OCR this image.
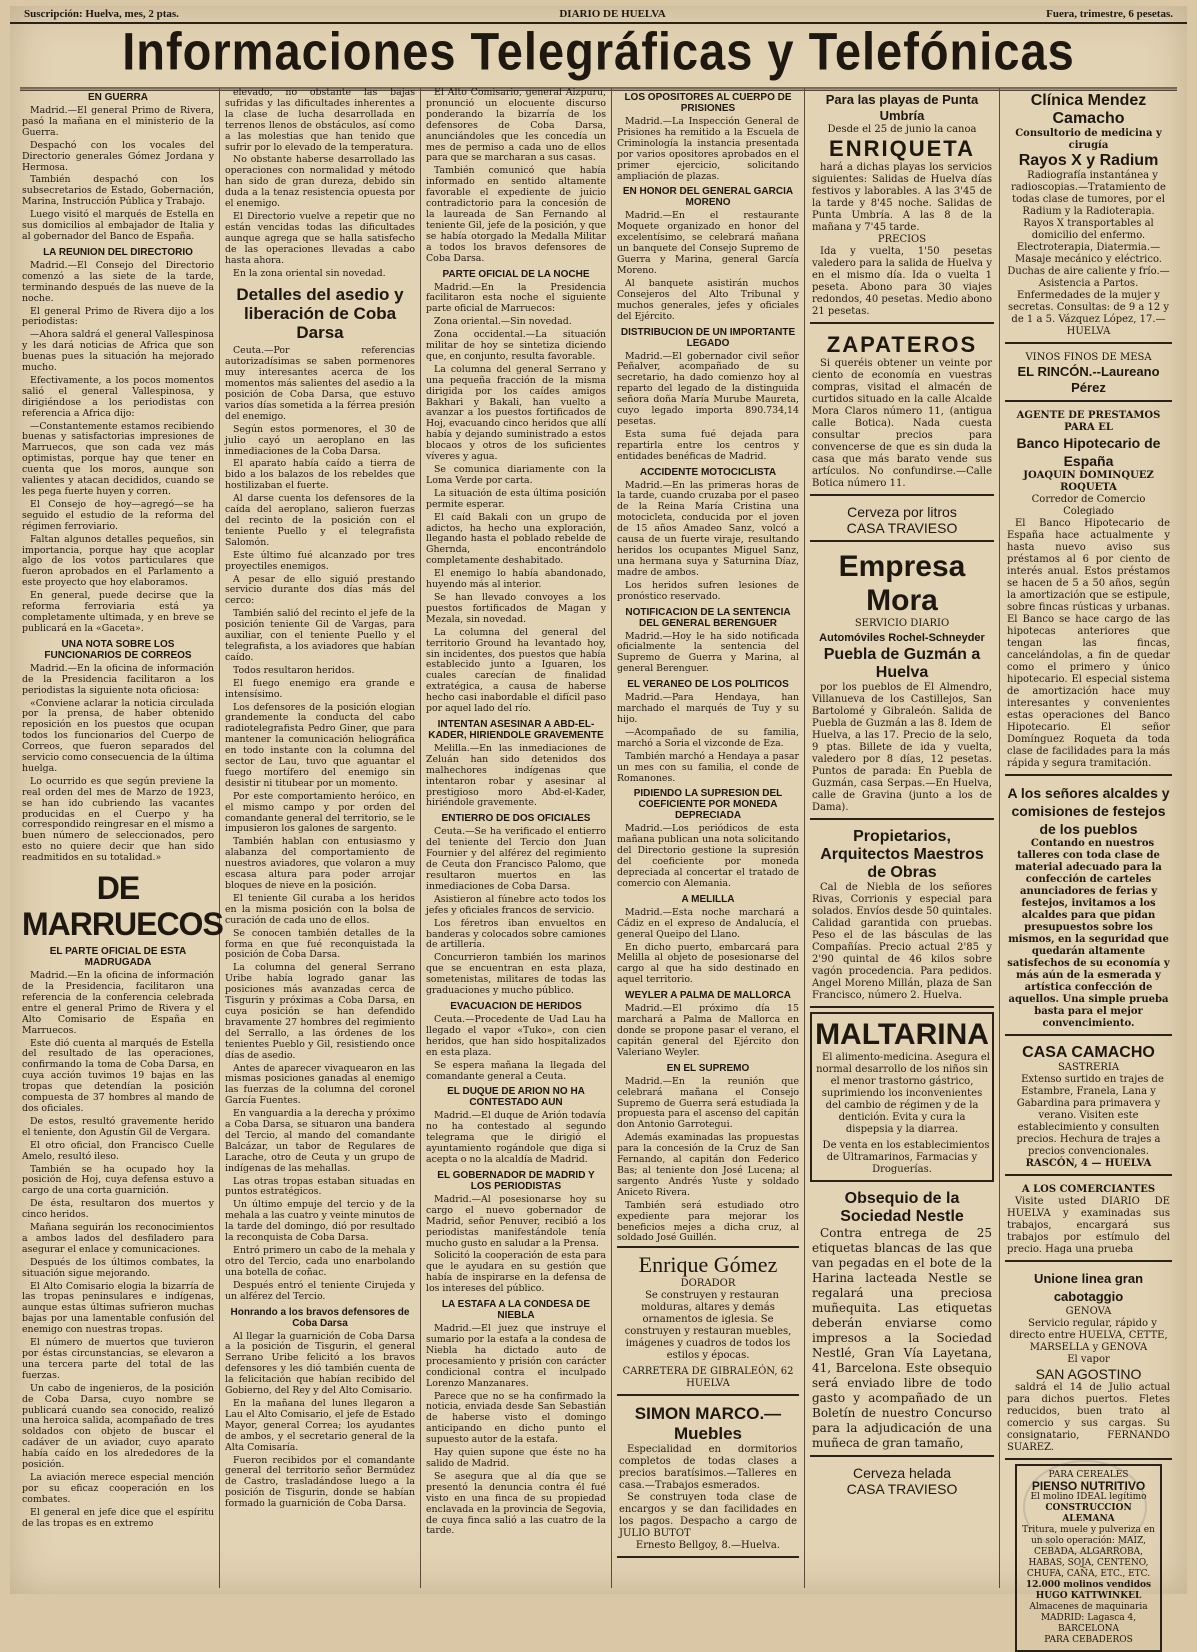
Suscripción: Huelva, mes, 2 ptas.	DIARIO DE HUELVA	Fuera, trimestre, 6 pesetas.
Informaciones Telegráficas y Telefónicas
EN GUERRA

Madrid.—El general Primo de Rivera, pasó la mañana en el ministerio de la Guerra.

Despachó con los vocales del Directorio generales Gómez Jordana y Hermosa.

También despachó con los subsecretarios de Estado, Gobernación, Marina, Instrucción Pública y Trabajo.

Luego visitó el marqués de Estella en sus domicilios al embajador de Italia y al gobernador del Banco de España.

LA REUNION DEL DIRECTORIO

Madrid.—El Consejo del Directorio comenzó a las siete de la tarde, terminando después de las nueve de la noche.

El general Primo de Rivera dijo a los periodistas:

—Ahora saldrá el general Vallespinosa y les dará noticias de Africa que son buenas pues la situación ha mejorado mucho.

Efectivamente, a los pocos momentos salió el general Vallespinosa, y dirigiéndose a los periodistas con referencia a Africa dijo:

—Constantemente estamos recibiendo buenas y satisfactorias impresiones de Marruecos, que son cada vez más optimistas, porque hay que tener en cuenta que los moros, aunque son valientes y atacan decididos, cuando se les pega fuerte huyen y corren.

El Consejo de hoy—agregó—se ha seguido el estudio de la reforma del régimen ferroviario.

Faltan algunos detalles pequeños, sin importancia, porque hay que acoplar algo de los votos particulares que fueron aprobados en el Parlamento a este proyecto que hoy elaboramos.

En general, puede decirse que la reforma ferroviaria está ya completamente ultimada, y en breve se publicará en la «Gaceta».

UNA NOTA SOBRE LOS FUNCIONARIOS DE CORREOS

Madrid.—En la oficina de información de la Presidencia facilitaron a los periodistas la siguiente nota oficiosa:

«Conviene aclarar la noticia circulada por la prensa, de haber obtenido reposición en los puestos que ocupan todos los funcionarios del Cuerpo de Correos, que fueron separados del servicio como consecuencia de la última huelga.

Lo ocurrido es que según previene la real orden del mes de Marzo de 1923, se han ido cubriendo las vacantes producidas en el Cuerpo y ha correspondido reingresar en el mismo a buen número de seleccionados, pero esto no quiere decir que han sido readmitidos en su totalidad.»

DE MARRUECOS
EL PARTE OFICIAL DE ESTA MADRUGADA

Madrid.—En la oficina de información de la Presidencia, facilitaron una referencia de la conferencia celebrada entre el general Primo de Rivera y el Alto Comisario de España en Marruecos.

Este dió cuenta al marqués de Estella del resultado de las operaciones, confirmando la toma de Coba Darsa, en cuya acción tuvimos 19 bajas en las tropas que detendían la posición compuesta de 37 hombres al mando de dos oficiales.

De estos, resultó gravemente herido el teniente, don Agustín Gil de Vergara.

El otro oficial, don Francisco Cuelle Amelo, resultó ileso.

También se ha ocupado hoy la posición de Hoj, cuya defensa estuvo a cargo de una corta guarnición.

De ésta, resultaron dos muertos y cinco heridos.

Mañana seguirán los reconocimientos a ambos lados del desfiladero para asegurar el enlace y comunicaciones.

Después de los últimos combates, la situación sigue mejorando.

El Alto Comisario elogia la bizarría de las tropas peninsulares e indígenas, aunque estas últimas sufrieron muchas bajas por una lamentable confusión del enemigo con nuestras tropas.

El número de muertos que tuvieron por éstas circunstancias, se elevaron a una tercera parte del total de las fuerzas.

Un cabo de ingenieros, de la posición de Coba Darsa, cuyo nombre se publicará cuando sea conocido, realizó una heroica salida, acompañado de tres soldados con objeto de buscar el cadáver de un aviador, cuyo aparato había caído en los alrededores de la posición.

La aviación merece especial mención por su eficaz cooperación en los combates.

El general en jefe dice que el espíritu de las tropas es en extremo

elevado, no obstante las bajas sufridas y las dificultades inherentes a la clase de lucha desarrollada en terrenos llenos de obstáculos, así como a las molestias que han tenido que sufrir por lo elevado de la temperatura.

No obstante haberse desarrollado las operaciones con normalidad y método han sido de gran dureza, debido sin duda a la tenaz resistencia opuesta por el enemigo.

El Directorio vuelve a repetir que no están vencidas todas las dificultades aunque agrega que se halla satisfecho de las operaciones llevadas a cabo hasta ahora.

En la zona oriental sin novedad.

Detalles del asedio y liberación de Coba Darsa

Ceuta.—Por referencias autorizadísimas se saben pormenores muy interesantes acerca de los momentos más salientes del asedio a la posición de Coba Darsa, que estuvo varios días sometida a la férrea presión del enemigo.

Según estos pormenores, el 30 de julio cayó un aeroplano en las inmediaciones de la Coba Darsa.

El aparato había caído a tierra de bido a los balazos de los rebeldes que hostilizaban el fuerte.

Al darse cuenta los defensores de la caída del aeroplano, salieron fuerzas del recinto de la posición con el teniente Puello y el telegrafista Salomón.

Este último fué alcanzado por tres proyectiles enemigos.

A pesar de ello siguió prestando servicio durante dos días más del cerco:

También salió del recinto el jefe de la posición teniente Gil de Vargas, para auxiliar, con el teniente Puello y el telegrafista, a los aviadores que habían caído.

Todos resultaron heridos.

El fuego enemigo era grande e intensísimo.

Los defensores de la posición elogian grandemente la conducta del cabo radiotelegrafista Pedro Giner, que para mantener la comunicación heliográfica en todo instante con la columna del sector de Lau, tuvo que aguantar el fuego mortífero del enemigo sin desistir ni titubear por un momento.

Por este comportamiento heróico, en el mismo campo y por orden del comandante general del territorio, se le impusieron los galones de sargento.

También hablan con entusiasmo y alabanza del comportamiento de nuestros aviadores, que volaron a muy escasa altura para poder arrojar bloques de nieve en la posición.

El teniente Gil curaba a los heridos en la misma posición con la bolsa de curación de cada uno de ellos.

Se conocen también detalles de la forma en que fué reconquistada la posición de Coba Darsa.

La columna del general Serrano Uribe había logrado ganar las posiciones más avanzadas cerca de Tisgurin y próximas a Coba Darsa, en cuya posición se han defendido bravamente 27 hombres del regimiento del Serrallo, a las órdenes de los tenientes Pueblo y Gil, resistiendo once días de asedio.

Antes de aparecer vivaquearon en las mismas posiciones ganadas al enemigo las fuerzas de la columna del coronel García Fuentes.

En vanguardia a la derecha y próximo a Coba Darsa, se situaron una bandera del Tercio, al mando del comandante Balcázar, un tabor de Regulares de Larache, otro de Ceuta y un grupo de indígenas de las mehallas.

Las otras tropas estaban situadas en puntos estratégicos.

Un último empuje del tercio y de la mehala a las cuatro y veinte minutos de la tarde del domingo, dió por resultado la reconquista de Coba Darsa.

Entró primero un cabo de la mehala y otro del Tercio, cada uno enarbolando una botella de coñac.

Después entró el teniente Cirujeda y un alférez del Tercio.

Honrando a los bravos defensores de Coba Darsa

Al llegar la guarnición de Coba Darsa a la posición de Tisgurin, el general Serrano Uribe felicitó a los bravos defensores y les dió también cuenta de la felicitación que habían recibido del Gobierno, del Rey y del Alto Comisario.

En la mañana del lunes llegaron a Lau el Alto Comisario, el jefe de Estado Mayor, general Correa; los ayudantes de ambos, y el secretario general de la Alta Comisaría.

Fueron recibidos por el comandante general del territorio señor Bermúdez de Castro, trasladándose luego a la posición de Tisgurin, donde se habían formado la guarnición de Coba Darsa.

El Alto Comisario, general Aizpuru, pronunció un elocuente discurso ponderando la bizarría de los defensores de Coba Darsa, anunciándoles que les concedía un mes de permiso a cada uno de ellos para que se marcharan a sus casas.

También comunicó que había informado en sentido altamente favorable el expediente de juicio contradictorio para la concesión de la laureada de San Fernando al teniente Gil, jefe de la posición, y que se había otorgado la Medalla Militar a todos los bravos defensores de Coba Darsa.

PARTE OFICIAL DE LA NOCHE

Madrid.—En la Presidencia facilitaron esta noche el siguiente parte oficial de Marruecos:

Zona oriental.—Sin novedad.

Zona occidental.—La situación militar de hoy se sintetiza diciendo que, en conjunto, resulta favorable.

La columna del general Serrano y una pequeña fracción de la misma dirigida por los caídes amigos Bakhari y Bakali, han vuelto a avanzar a los puestos fortificados de Hoj, evacuando cinco heridos que allí había y dejando suministrado a estos blocaos y otros de los suficientes víveres y agua.

Se comunica diariamente con la Loma Verde por carta.

La situación de esta última posición permite esperar.

El caíd Bakali con un grupo de adictos, ha hecho una exploración, llegando hasta el poblado rebelde de Ghernda, encontrándolo completamente deshabitado.

El enemigo lo había abandonado, huyendo más al interior.

Se han llevado convoyes a los puestos fortificados de Magan y Mezala, sin novedad.

La columna del general del territorio Ground ha levantado hoy, sin incidentes, dos puestos que había establecido junto a Iguaren, los cuales carecían de finalidad extratégica, a causa de haberse hecho casi inabordable el difícil paso por aquel lado del río.

INTENTAN ASESINAR A ABD-EL-KADER, HIRIENDOLE GRAVEMENTE

Melilla.—En las inmediaciones de Zeluán han sido detenidos dos malhechores indígenas que intentaron robar y asesinar al prestigioso moro Abd-el-Kader, hiriéndole gravemente.

ENTIERRO DE DOS OFICIALES

Ceuta.—Se ha verificado el entierro del teniente del Tercio don Juan Fournier y del alférez del regimiento de Ceuta don Francisco Palomo, que resultaron muertos en las inmediaciones de Coba Darsa.

Asistieron al fúnebre acto todos los jefes y oficiales francos de servicio.

Los féretros iban envueltos en banderas y colocados sobre camiones de artillería.

Concurrieron también los marinos que se encuentran en esta plaza, sometenistas, militares de todas las graduaciones y mucho público.

EVACUACION DE HERIDOS

Ceuta.—Procedente de Uad Lau ha llegado el vapor «Tuko», con cien heridos, que han sido hospitalizados en esta plaza.

Se espera mañana la llegada del comandante general a Ceuta.

EL DUQUE DE ARION NO HA CONTESTADO AUN

Madrid.—El duque de Arión todavía no ha contestado al segundo telegrama que le dirigió el ayuntamiento rogándole que diga si acepta o no la alcaldía de Madrid.

EL GOBERNADOR DE MADRID Y LOS PERIODISTAS

Madrid.—Al posesionarse hoy su cargo el nuevo gobernador de Madrid, señor Penuver, recibió a los periodistas manifestándole tenía mucho gusto en saludar a la Prensa.

Solicitó la cooperación de esta para que le ayudara en su gestión que había de inspirarse en la defensa de los intereses del público.

LA ESTAFA A LA CONDESA DE NIEBLA

Madrid.—El juez que instruye el sumario por la estafa a la condesa de Niebla ha dictado auto de procesamiento y prisión con carácter condicional contra el inculpado Lorenzo Manzanares.

Parece que no se ha confirmado la noticia, enviada desde San Sebastián de haberse visto el domingo anticipando en dicho punto el supuesto autor de la estafa.

Hay quien supone que éste no ha salido de Madrid.

Se asegura que al día que se presentó la denuncia contra él fué visto en una finca de su propiedad enclavada en la provincia de Segovia, de cuya finca salió a las cuatro de la tarde.

LOS OPOSITORES AL CUERPO DE PRISIONES

Madrid.—La Inspección General de Prisiones ha remitido a la Escuela de Criminología la instancia presentada por varios opositores aprobados en el primer ejercicio, solicitando ampliación de plazas.

EN HONOR DEL GENERAL GARCIA MORENO

Madrid.—En el restaurante Moquete organizado en honor del excelentísimo, se celebrará mañana un banquete del Consejo Supremo de Guerra y Marina, general García Moreno.

Al banquete asistirán muchos Consejeros del Alto Tribunal y muchos generales, jefes y oficiales del Ejército.

DISTRIBUCION DE UN IMPORTANTE LEGADO

Madrid.—El gobernador civil señor Peñalver, acompañado de su secretario, ha dado comienzo hoy al reparto del legado de la distinguida señora doña María Murube Maureta, cuyo legado importa 890.734,14 pesetas.

Esta suma fué dejada para repartirla entre los centros y entidades benéficas de Madrid.

ACCIDENTE MOTOCICLISTA

Madrid.—En las primeras horas de la tarde, cuando cruzaba por el paseo de la Reina María Cristina una motocicleta, conducida por el joven de 15 años Amadeo Sanz, volcó a causa de un fuerte viraje, resultando heridos los ocupantes Miguel Sanz, una hermana suya y Saturnina Díaz, madre de ambos.

Los heridos sufren lesiones de pronóstico reservado.

NOTIFICACION DE LA SENTENCIA DEL GENERAL BERENGUER

Madrid.—Hoy le ha sido notificada oficialmente la sentencia del Supremo de Guerra y Marina, al general Berenguer.

EL VERANEO DE LOS POLITICOS

Madrid.—Para Hendaya, han marchado el marqués de Tuy y su hijo.

—Acompañado de su familia, marchó a Soria el vizconde de Eza.

También marchó a Hendaya a pasar un mes con su familia, el conde de Romanones.

PIDIENDO LA SUPRESION DEL COEFICIENTE POR MONEDA DEPRECIADA

Madrid.—Los periódicos de esta mañana publican una nota solicitando del Directorio gestione la supresión del coeficiente por moneda depreciada al concertar el tratado de comercio con Alemania.

A MELILLA

Madrid.—Esta noche marchará a Cádiz en el expreso de Andalucía, el general Queipo del Llano.

En dicho puerto, embarcará para Melilla al objeto de posesionarse del cargo al que ha sido destinado en aquel territorio.

WEYLER A PALMA DE MALLORCA

Madrid.—El próximo día 15 marchará a Palma de Mallorca en donde se propone pasar el verano, el capitán general del Ejército don Valeriano Weyler.

EN EL SUPREMO

Madrid.—En la reunión que celebrará mañana el Consejo Supremo de Guerra será estudiada la propuesta para el ascenso del capitán don Antonio Garrotegui.

Además examinadas las propuestas para la concesión de la Cruz de San Fernando, al capitán don Federico Bas; al teniente don José Lucena; al sargento Andrés Yuste y soldado Aniceto Rivera.

También será estudiado otro expediente para mejorar los beneficios mejes a dicha cruz, al soldado José Guillén.

Enrique Gómez
DORADOR

Se construyen y restauran molduras, altares y demás ornamentos de iglesia. Se construyen y restauran muebles, imágenes y cuadros de todos los estilos y épocas.

CARRETERA DE GIBRALEÓN, 62
HUELVA
SIMON MARCO.—Muebles

Especialidad en dormitorios completos de todas clases a precios baratísimos.—Talleres en casa.—Trabajos esmerados.

Se construyen toda clase de encargos y se dan facilidades en los pagos. Despacho a cargo de JULIO BUTOT

Ernesto Bellgoy, 8.—Huelva.
Para las playas de Punta Umbría
Desde el 25 de junio la canoa
ENRIQUETA

hará a dichas playas los servicios siguientes: Salidas de Huelva días festivos y laborables. A las 3'45 de la tarde y 8'45 noche. Salidas de Punta Umbría. A las 8 de la mañana y 7'45 tarde.

PRECIOS

Ida y vuelta, 1'50 pesetas valedero para la salida de Huelva y en el mismo día. Ida o vuelta 1 peseta. Abono para 30 viajes redondos, 40 pesetas. Medio abono 21 pesetas.

ZAPATEROS

Si queréis obtener un veinte por ciento de economía en vuestras compras, visitad el almacén de curtidos situado en la calle Alcalde Mora Claros número 11, (antigua calle Botica). Nada cuesta consultar precios para convencerse de que es sin duda la casa que más barato vende sus artículos. No confundirse.—Calle Botica número 11.

Cerveza por litros
CASA TRAVIESO
Empresa Mora
SERVICIO DIARIO
Automóviles Rochel-Schneyder
Puebla de Guzmán a Huelva

por los pueblos de El Almendro, Villanueva de los Castillejos, San Bartolomé y Gibraleón. Salida de Puebla de Guzmán a las 8. Idem de Huelva, a las 17. Precio de la selo, 9 ptas. Billete de ida y vuelta, valedero por 8 días, 12 pesetas. Puntos de parada: En Puebla de Guzmán, casa Serpas.—En Huelva, calle de Gravina (junto a los de Dama).

Propietarios, Arquitectos Maestros de Obras

Cal de Niebla de los señores Rivas, Corrionis y especial para solados. Envíos desde 50 quintales. Calidad garantida con pruebas. Peso el de las básculas de las Compañías. Precio actual 2'85 y 2'90 quintal de 46 kilos sobre vagón procedencia. Para pedidos. Angel Moreno Millán, plaza de San Francisco, número 2. Huelva.

MALTARINA

El alimento-medicina. Asegura el normal desarrollo de los niños sin el menor trastorno gástrico, suprimiendo los inconvenientes del cambio de régimen y de la dentición. Evita y cura la dispepsia y la diarrea.

De venta en los establecimientos de Ultramarinos, Farmacias y Droguerías.

Obsequio de la Sociedad Nestle

Contra entrega de 25 etiquetas blancas de las que van pegadas en el bote de la Harina lacteada Nestle se regalará una preciosa muñequita. Las etiquetas deberán enviarse como impresos a la Sociedad Nestlé, Gran Vía Layetana, 41, Barcelona. Este obsequio será enviado libre de todo gasto y acompañado de un Boletín de nuestro Concurso para la adjudicación de una muñeca de gran tamaño,

Cerveza helada
CASA TRAVIESO
Clínica Mendez Camacho
Consultorio de medicina y cirugía
Rayos X y Radium

Radiografía instantánea y radioscopias.—Tratamiento de todas clase de tumores, por el Radium y la Radioterapia. Rayos X transportables al domicilio del enfermo. Electroterapia, Diatermia.—Masaje mecánico y eléctrico. Duchas de aire caliente y frío.—Asistencia a Partos. Enfermedades de la mujer y secretas. Consultas: de 9 a 12 y de 1 a 5. Vázquez López, 17.—HUELVA

VINOS FINOS DE MESA
EL RINCÓN.-‑Laureano Pérez
AGENTE DE PRESTAMOS PARA EL
Banco Hipotecario de España
JOAQUIN DOMINQUEZ ROQUETA
Corredor de Comercio Colegiado

El Banco Hipotecario de España hace actualmente y hasta nuevo aviso sus préstamos al 6 por ciento de interés anual. Estos préstamos se hacen de 5 a 50 años, según la amortización que se estipule, sobre fincas rústicas y urbanas. El Banco se hace cargo de las hipotecas anteriores que tengan las fincas, cancelándolas, a fin de quedar como el primero y único hipotecario. El especial sistema de amortización hace muy interesantes y convenientes estas operaciones del Banco Hipotecario. El señor Domínguez Roqueta da toda clase de facilidades para la más rápida y segura tramitación.

A los señores alcaldes y comisiones de festejos de los pueblos

Contando en nuestros talleres con toda clase de material adecuado para la confección de carteles anunciadores de ferias y festejos, invitamos a los alcaldes para que pidan presupuestos sobre los mismos, en la seguridad que quedarán altamente satisfechos de su economía y más aún de la esmerada y artística confección de aquellos. Una simple prueba basta para el mejor convencimiento.

CASA CAMACHO
SASTRERIA

Extenso surtido en trajes de Estambre, Franela, Lana y Gabardina para primavera y verano. Visiten este establecimiento y consulten precios. Hechura de trajes a precios convencionales.

RASCÓN, 4 — HUELVA
A LOS COMERCIANTES

Visite usted DIARIO DE HUELVA y examinadas sus trabajos, encargará sus trabajos por estímulo del precio. Haga una prueba

Unione linea gran cabotaggio
GENOVA

Servicio regular, rápido y directo entre HUELVA, CETTE, MARSELLA y GENOVA

El vapor
SAN AGOSTINO

saldrá el 14 de Julio actual para dichos puertos. Fletes reducidos, buen trato al comercio y sus cargas. Su consignatario, FERNANDO SUAREZ.

PARA CEREALES
PIENSO NUTRITIVO
El molino IDEAL legítimo
CONSTRUCCION ALEMANA
Tritura, muele y pulveriza en un solo operación: MAIZ, CEBADA, ALGARROBA, HABAS, SOJA, CENTENO, CHUFA, CAÑA, ETC., ETC.
12.000 molinos vendidos
HUGO KATTWINKEL
Almacenes de maquinaria MADRID: Lagasca 4, BARCELONA
PARA CEBADEROS
